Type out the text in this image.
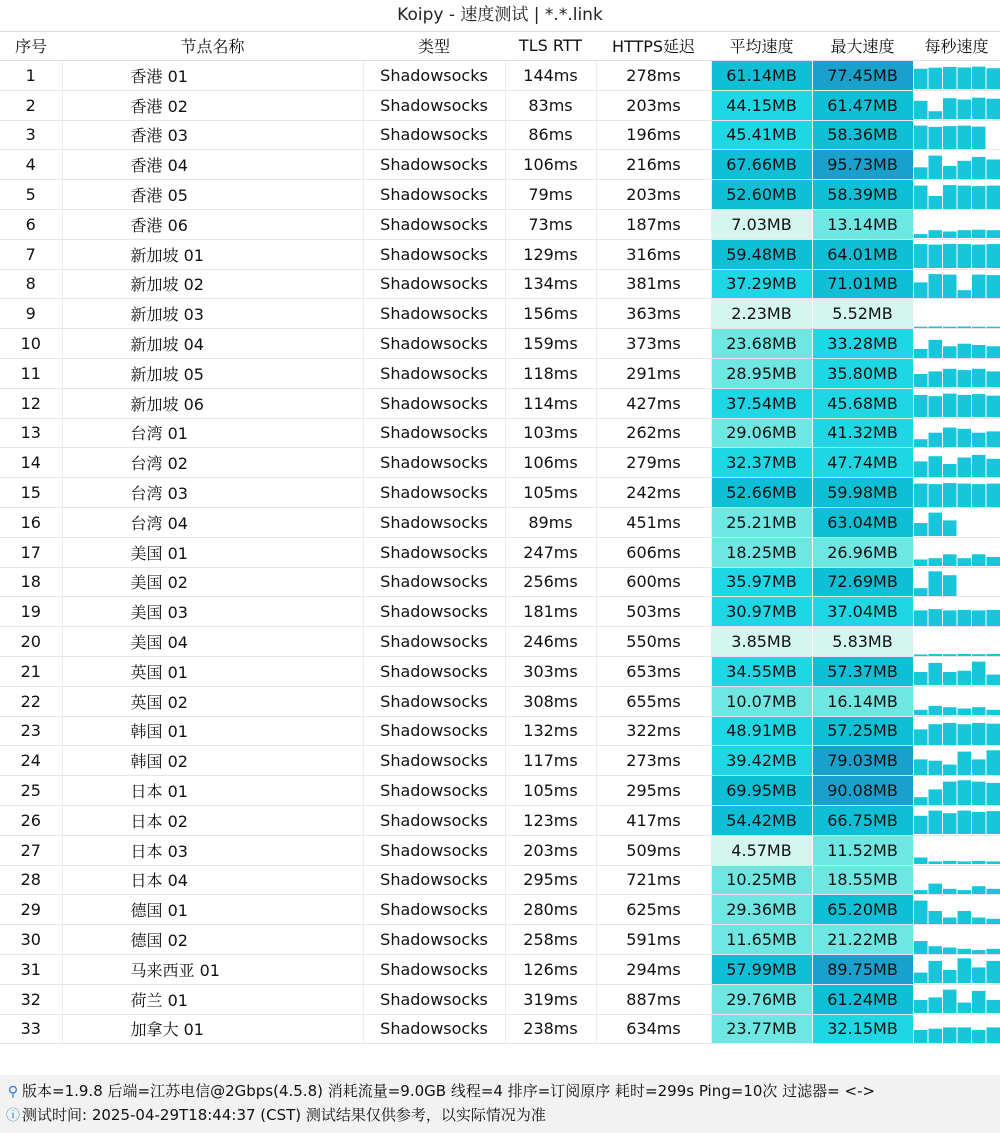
Koipy - 速度测试 | *.*.link
序号	节点名称	类型	TLS RTT	HTTPS延迟	平均速度	最大速度	每秒速度
1	香港 01	Shadowsocks	144ms	278ms	61.14MB	77.45MB	

2	香港 02	Shadowsocks	83ms	203ms	44.15MB	61.47MB	

3	香港 03	Shadowsocks	86ms	196ms	45.41MB	58.36MB	

4	香港 04	Shadowsocks	106ms	216ms	67.66MB	95.73MB	

5	香港 05	Shadowsocks	79ms	203ms	52.60MB	58.39MB	

6	香港 06	Shadowsocks	73ms	187ms	7.03MB	13.14MB	

7	新加坡 01	Shadowsocks	129ms	316ms	59.48MB	64.01MB	

8	新加坡 02	Shadowsocks	134ms	381ms	37.29MB	71.01MB	

9	新加坡 03	Shadowsocks	156ms	363ms	2.23MB	5.52MB	

10	新加坡 04	Shadowsocks	159ms	373ms	23.68MB	33.28MB	

11	新加坡 05	Shadowsocks	118ms	291ms	28.95MB	35.80MB	

12	新加坡 06	Shadowsocks	114ms	427ms	37.54MB	45.68MB	

13	台湾 01	Shadowsocks	103ms	262ms	29.06MB	41.32MB	

14	台湾 02	Shadowsocks	106ms	279ms	32.37MB	47.74MB	

15	台湾 03	Shadowsocks	105ms	242ms	52.66MB	59.98MB	

16	台湾 04	Shadowsocks	89ms	451ms	25.21MB	63.04MB	

17	美国 01	Shadowsocks	247ms	606ms	18.25MB	26.96MB	

18	美国 02	Shadowsocks	256ms	600ms	35.97MB	72.69MB	

19	美国 03	Shadowsocks	181ms	503ms	30.97MB	37.04MB	

20	美国 04	Shadowsocks	246ms	550ms	3.85MB	5.83MB	

21	英国 01	Shadowsocks	303ms	653ms	34.55MB	57.37MB	

22	英国 02	Shadowsocks	308ms	655ms	10.07MB	16.14MB	

23	韩国 01	Shadowsocks	132ms	322ms	48.91MB	57.25MB	

24	韩国 02	Shadowsocks	117ms	273ms	39.42MB	79.03MB	

25	日本 01	Shadowsocks	105ms	295ms	69.95MB	90.08MB	

26	日本 02	Shadowsocks	123ms	417ms	54.42MB	66.75MB	

27	日本 03	Shadowsocks	203ms	509ms	4.57MB	11.52MB	

28	日本 04	Shadowsocks	295ms	721ms	10.25MB	18.55MB	

29	德国 01	Shadowsocks	280ms	625ms	29.36MB	65.20MB	

30	德国 02	Shadowsocks	258ms	591ms	11.65MB	21.22MB	

31	马来西亚 01	Shadowsocks	126ms	294ms	57.99MB	89.75MB	

32	荷兰 01	Shadowsocks	319ms	887ms	29.76MB	61.24MB	

33	加拿大 01	Shadowsocks	238ms	634ms	23.77MB	32.15MB	
⚲ 版本=1.9.8 后端=江苏电信@2Gbps(4.5.8) 消耗流量=9.0GB 线程=4 排序=订阅原序 耗时=299s Ping=10次 过滤器= <->
ⓘ 测试时间: 2025-04-29T18:44:37 (CST) 测试结果仅供参考，以实际情况为准
